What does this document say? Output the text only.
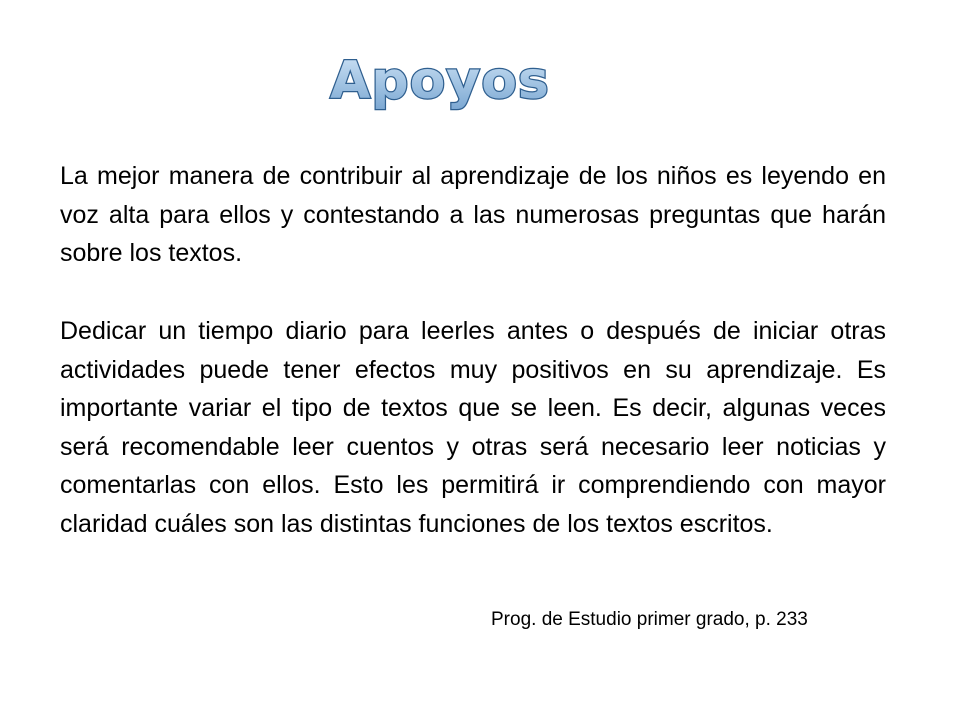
Apoyos

La mejor manera de contribuir al aprendizaje de los niños es leyendo en voz alta para ellos y contestando a las numerosas preguntas que harán sobre los textos.

Dedicar un tiempo diario para leerles antes o después de iniciar otras actividades puede tener efectos muy positivos en su aprendizaje. Es importante variar el tipo de textos que se leen. Es decir, algunas veces será recomendable leer cuentos y otras será necesario leer noticias y comentarlas con ellos. Esto les permitirá ir comprendiendo con mayor claridad cuáles son las distintas funciones de los textos escritos.

Prog. de Estudio primer grado, p. 233
